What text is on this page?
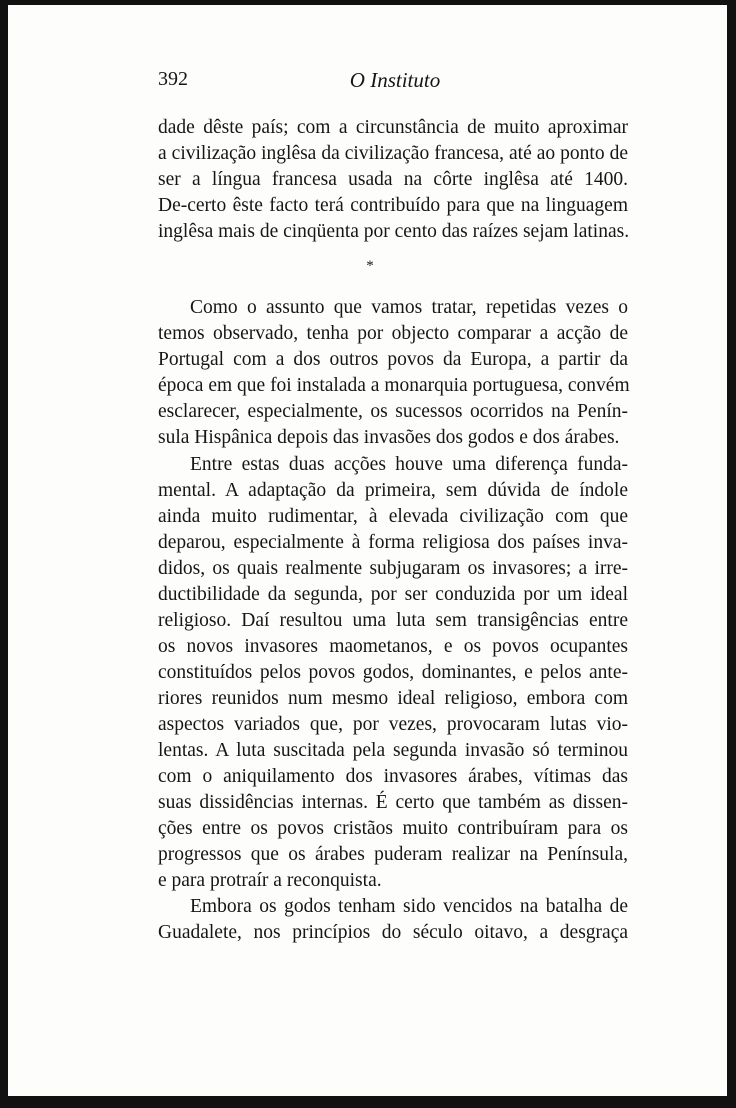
392	O Instituto
dade dêste país; com a circunstância de muito aproximar
a civilização inglêsa da civilização francesa, até ao ponto de
ser a língua francesa usada na côrte inglêsa até 1400.
De-certo êste facto terá contribuído para que na linguagem
inglêsa mais de cinqüenta por cento das raízes sejam latinas.
*
Como o assunto que vamos tratar, repetidas vezes o
temos observado, tenha por objecto comparar a acção de
Portugal com a dos outros povos da Europa, a partir da
época em que foi instalada a monarquia portuguesa, convém
esclarecer, especialmente, os sucessos ocorridos na Penín-
sula Hispânica depois das invasões dos godos e dos árabes.
Entre estas duas acções houve uma diferença funda-
mental. A adaptação da primeira, sem dúvida de índole
ainda muito rudimentar, à elevada civilização com que
deparou, especialmente à forma religiosa dos países inva-
didos, os quais realmente subjugaram os invasores; a irre-
ductibilidade da segunda, por ser conduzida por um ideal
religioso. Daí resultou uma luta sem transigências entre
os novos invasores maometanos, e os povos ocupantes
constituídos pelos povos godos, dominantes, e pelos ante-
riores reunidos num mesmo ideal religioso, embora com
aspectos variados que, por vezes, provocaram lutas vio-
lentas. A luta suscitada pela segunda invasão só terminou
com o aniquilamento dos invasores árabes, vítimas das
suas dissidências internas. É certo que também as dissen-
ções entre os povos cristãos muito contribuíram para os
progressos que os árabes puderam realizar na Península,
e para protraír a reconquista.
Embora os godos tenham sido vencidos na batalha de
Guadalete, nos princípios do século oitavo, a desgraça
